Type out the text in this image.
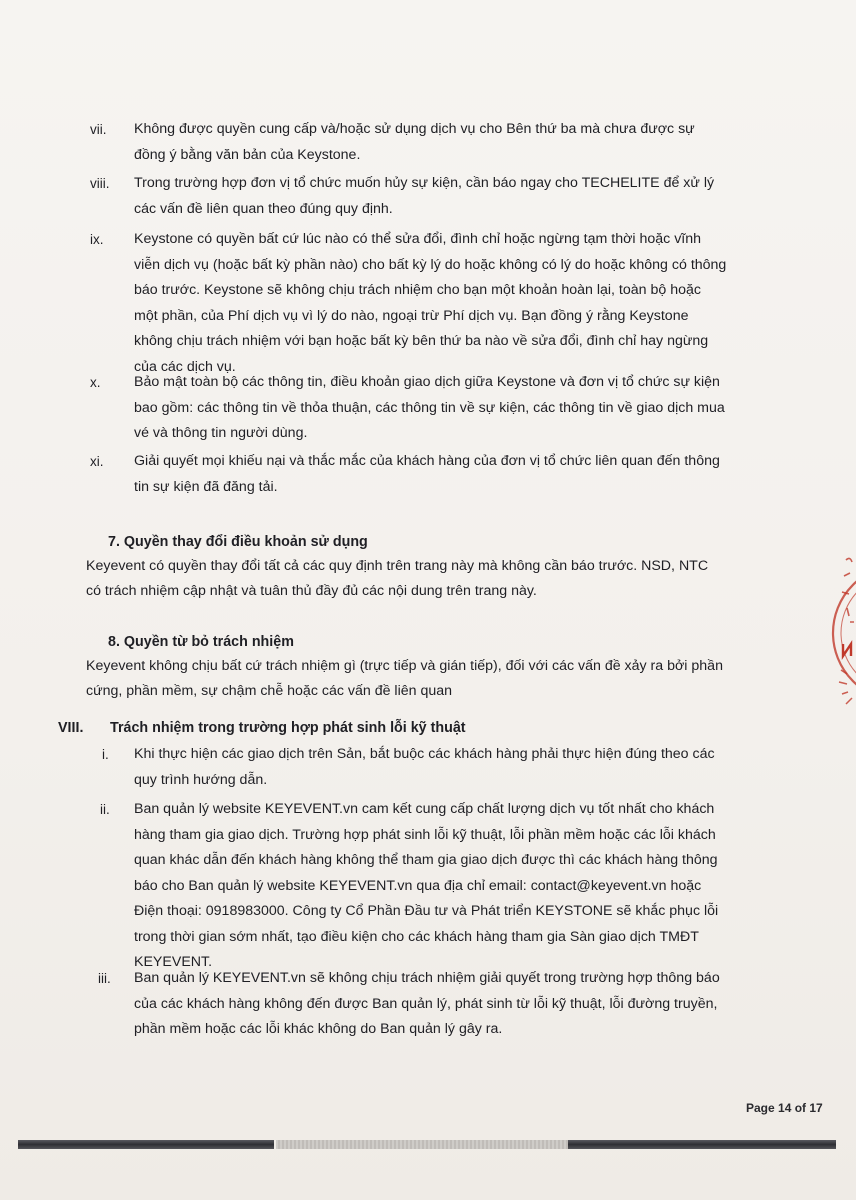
vii.	Không được quyền cung cấp và/hoặc sử dụng dịch vụ cho Bên thứ ba mà chưa được sự
đồng ý bằng văn bản của Keystone.
viii.	Trong trường hợp đơn vị tổ chức muốn hủy sự kiện, cần báo ngay cho TECHELITE để xử lý
các vấn đề liên quan theo đúng quy định.
ix.	Keystone có quyền bất cứ lúc nào có thể sửa đổi, đình chỉ hoặc ngừng tạm thời hoặc vĩnh
viễn dịch vụ (hoặc bất kỳ phần nào) cho bất kỳ lý do hoặc không có lý do hoặc không có thông
báo trước. Keystone sẽ không chịu trách nhiệm cho bạn một khoản hoàn lại, toàn bộ hoặc
một phần, của Phí dịch vụ vì lý do nào, ngoại trừ Phí dịch vụ. Bạn đồng ý rằng Keystone
không chịu trách nhiệm với bạn hoặc bất kỳ bên thứ ba nào về sửa đổi, đình chỉ hay ngừng
của các dịch vụ.
x.	Bảo mật toàn bộ các thông tin, điều khoản giao dịch giữa Keystone và đơn vị tổ chức sự kiện
bao gồm: các thông tin về thỏa thuận, các thông tin về sự kiện, các thông tin về giao dịch mua
vé và thông tin người dùng.
xi.	Giải quyết mọi khiếu nại và thắc mắc của khách hàng của đơn vị tổ chức liên quan đến thông
tin sự kiện đã đăng tải.
7. Quyền thay đổi điều khoản sử dụng
Keyevent có quyền thay đổi tất cả các quy định trên trang này mà không cần báo trước. NSD, NTC
có trách nhiệm cập nhật và tuân thủ đầy đủ các nội dung trên trang này.
8. Quyền từ bỏ trách nhiệm
Keyevent không chịu bất cứ trách nhiệm gì (trực tiếp và gián tiếp), đối với các vấn đề xảy ra bởi phần
cứng, phần mềm, sự chậm chễ hoặc các vấn đề liên quan
VIII. Trách nhiệm trong trường hợp phát sinh lỗi kỹ thuật
i.	Khi thực hiện các giao dịch trên Sản, bắt buộc các khách hàng phải thực hiện đúng theo các
quy trình hướng dẫn.
ii.	Ban quản lý website KEYEVENT.vn cam kết cung cấp chất lượng dịch vụ tốt nhất cho khách
hàng tham gia giao dịch. Trường hợp phát sinh lỗi kỹ thuật, lỗi phần mềm hoặc các lỗi khách
quan khác dẫn đến khách hàng không thể tham gia giao dịch được thì các khách hàng thông
báo cho Ban quản lý website KEYEVENT.vn qua địa chỉ email: contact@keyevent.vn hoặc
Điện thoại: 0918983000. Công ty Cổ Phần Đầu tư và Phát triển KEYSTONE sẽ khắc phục lỗi
trong thời gian sớm nhất, tạo điều kiện cho các khách hàng tham gia Sàn giao dịch TMĐT
KEYEVENT.
iii.	Ban quản lý KEYEVENT.vn sẽ không chịu trách nhiệm giải quyết trong trường hợp thông báo
của các khách hàng không đến được Ban quản lý, phát sinh từ lỗi kỹ thuật, lỗi đường truyền,
phần mềm hoặc các lỗi khác không do Ban quản lý gây ra.
Page 14 of 17
